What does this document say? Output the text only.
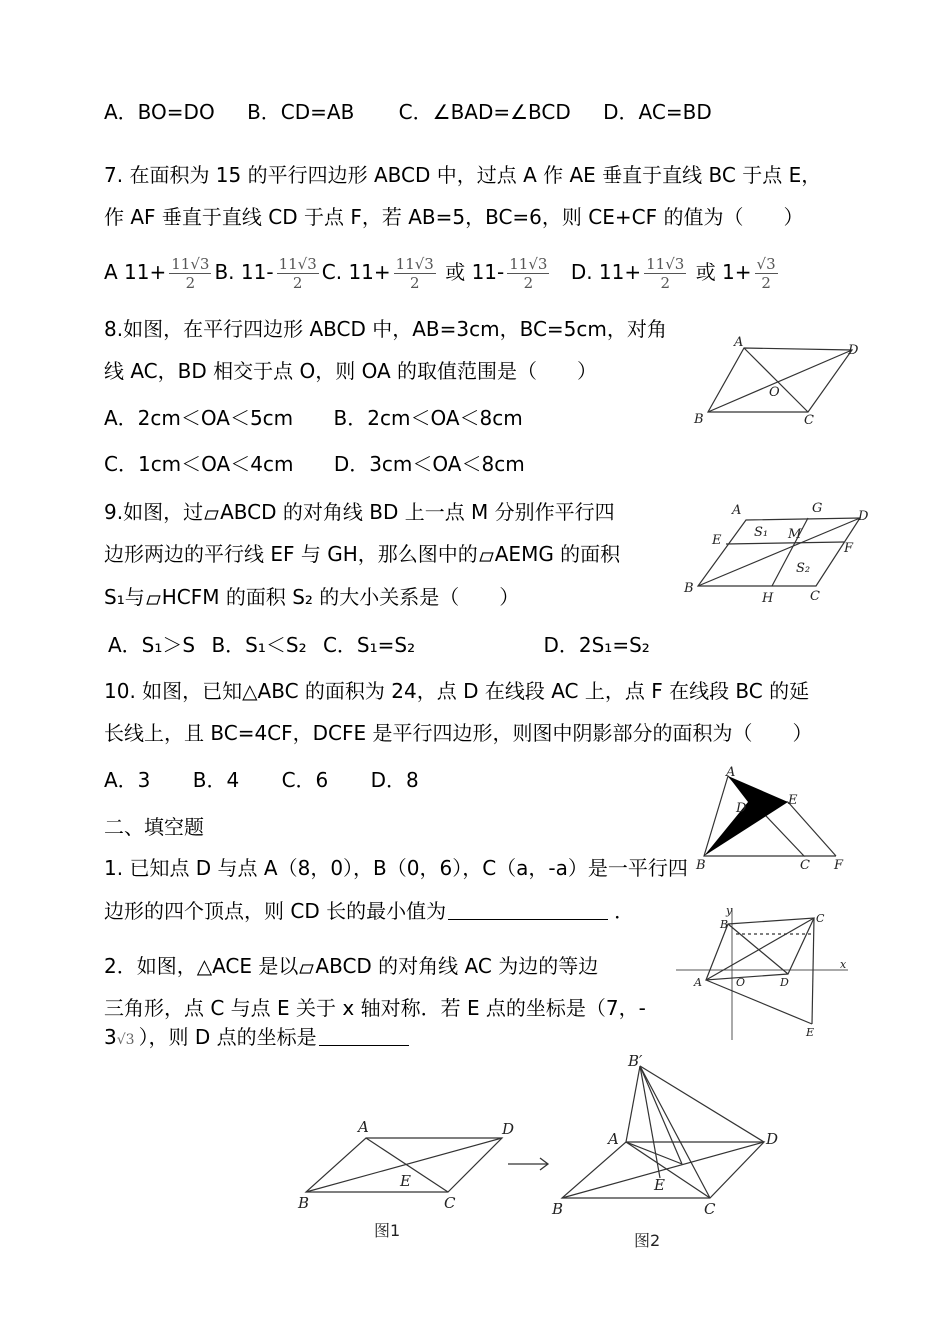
A．BO=DO B．CD=AB C．∠BAD=∠BCD D．AC=BD
7. 在面积为 15 的平行四边形 ABCD 中，过点 A 作 AE 垂直于直线 BC 于点 E，
作 AF 垂直于直线 CD 于点 F，若 AB=5，BC=6，则 CE+CF 的值为（　　）
A $11+ \frac{11√3}{2} B$. $11- \frac{11√3}{2} C$. $11+ \frac{11√3}{2}$ 或 $11- \frac{11√3}{2} D$. $11+ \frac{11√3}{2}$ 或 $1+ \frac{√3}{2}$
8.如图，在平行四边形 ABCD 中，AB=3cm，BC=5cm，对角
线 AC，BD 相交于点 O，则 OA 的取值范围是（　　）
A．2cm＜OA＜5cm B．2cm＜OA＜8cm
C．1cm＜OA＜4cm D．3cm＜OA＜8cm
A
D
O
B	C
9.如图，过 ABCD 的对角线 BD 上一点 M 分别作平行四
边形两边的平行线 EF 与 GH，那么图中的 AEMG 的面积
S₁与 HCFM 的面积 S₂ 的大小关系是（　　）
A．S₁＞S B．S₁＜S₂ C．S₁=S₂	D．2S₁=S₂
A	G
D
S₁ M
E
F
S₂
B
H	C
10. 如图，已知△ABC 的面积为 24，点 D 在线段 AC 上，点 F 在线段 BC 的延
长线上，且 BC=4CF，DCFE 是平行四边形，则图中阴影部分的面积为（　　）
A．3 B．4 C．6 D．8	A
D
E
B	C F
二、填空题
1. 已知点 D 与点 A（8，0），B（0，6），C（a，-a）是一平行四
边形的四个顶点，则 CD 长的最小值为	．	y
B	C
x
A	O	D
E
2．如图，△ACE 是以 ABCD 的对角线 AC 为边的等边
三角形，点 C 与点 E 关于 x 轴对称．若 E 点的坐标是（7，-
3√3 ），则 D 点的坐标是
A	D
E
B	C
B′
A	D
E
B	C
图1
图2
